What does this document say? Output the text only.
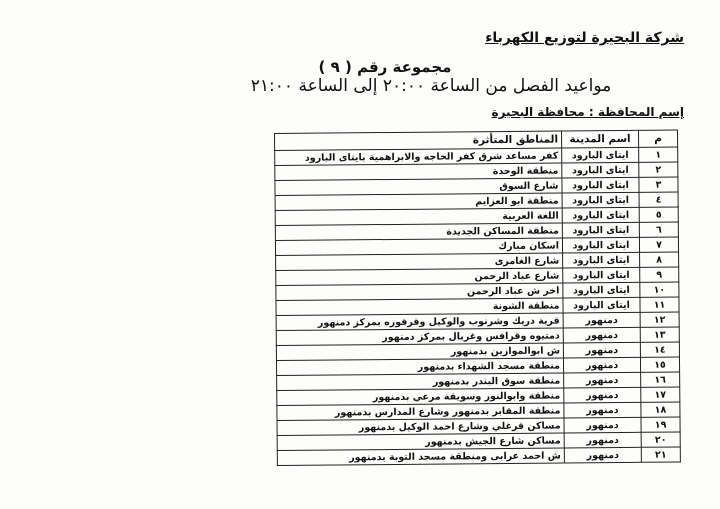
شركة البحيرة لتوزيع الكهرباء
مجموعة رقم ( ٩ )
مواعيد الفصل من الساعة ٢٠:٠٠ إلى الساعة ٢١:٠٠
إسم المحافظة : محافظة البحيرة
م	اسم المدينة	المناطق المتأثرة
١	ايتاى البارود	كفر مساعد شرق كفر الحاجه والابراهمية بايتاى البارود
٢	ايتاى البارود	منطقة الوحدة
٣	ايتاى البارود	شارع السوق
٤	ايتاى البارود	منطقة ابو العزايم
٥	ايتاى البارود	اللغة العربية
٦	ايتاى البارود	منطقة المساكن الجديدة
٧	ايتاى البارود	اسكان مبارك
٨	ايتاى البارود	شارع الغامرى
٩	ايتاى البارود	شارع عباد الرحمن
١٠	ايتاى البارود	اخر ش عباد الرحمن
١١	ايتاى البارود	منطقة الشونة
١٢	دمنهور	قرية دريك وشرنوب والوكيل وقرقوره بمركز دمنهور
١٣	دمنهور	دمتيوه وقرافس وغربال بمركز دمنهور
١٤	دمنهور	ش ابوالموازين بدمنهور
١٥	دمنهور	منطقة مسجد الشهداء بدمنهور
١٦	دمنهور	منطقة سوق البندر بدمنهور
١٧	دمنهور	منطقة وابوالنور وسويقة مرعي بدمنهور
١٨	دمنهور	منطقة المقابر بدمنهور وشارع المدارس بدمنهور
١٩	دمنهور	مساكن قرغلي وشارع احمد الوكيل بدمنهور
٢٠	دمنهور	مساكن شارع الجيش بدمنهور
٢١	دمنهور	ش احمد عرابى ومنطقة مسجد التوبة بدمنهور
